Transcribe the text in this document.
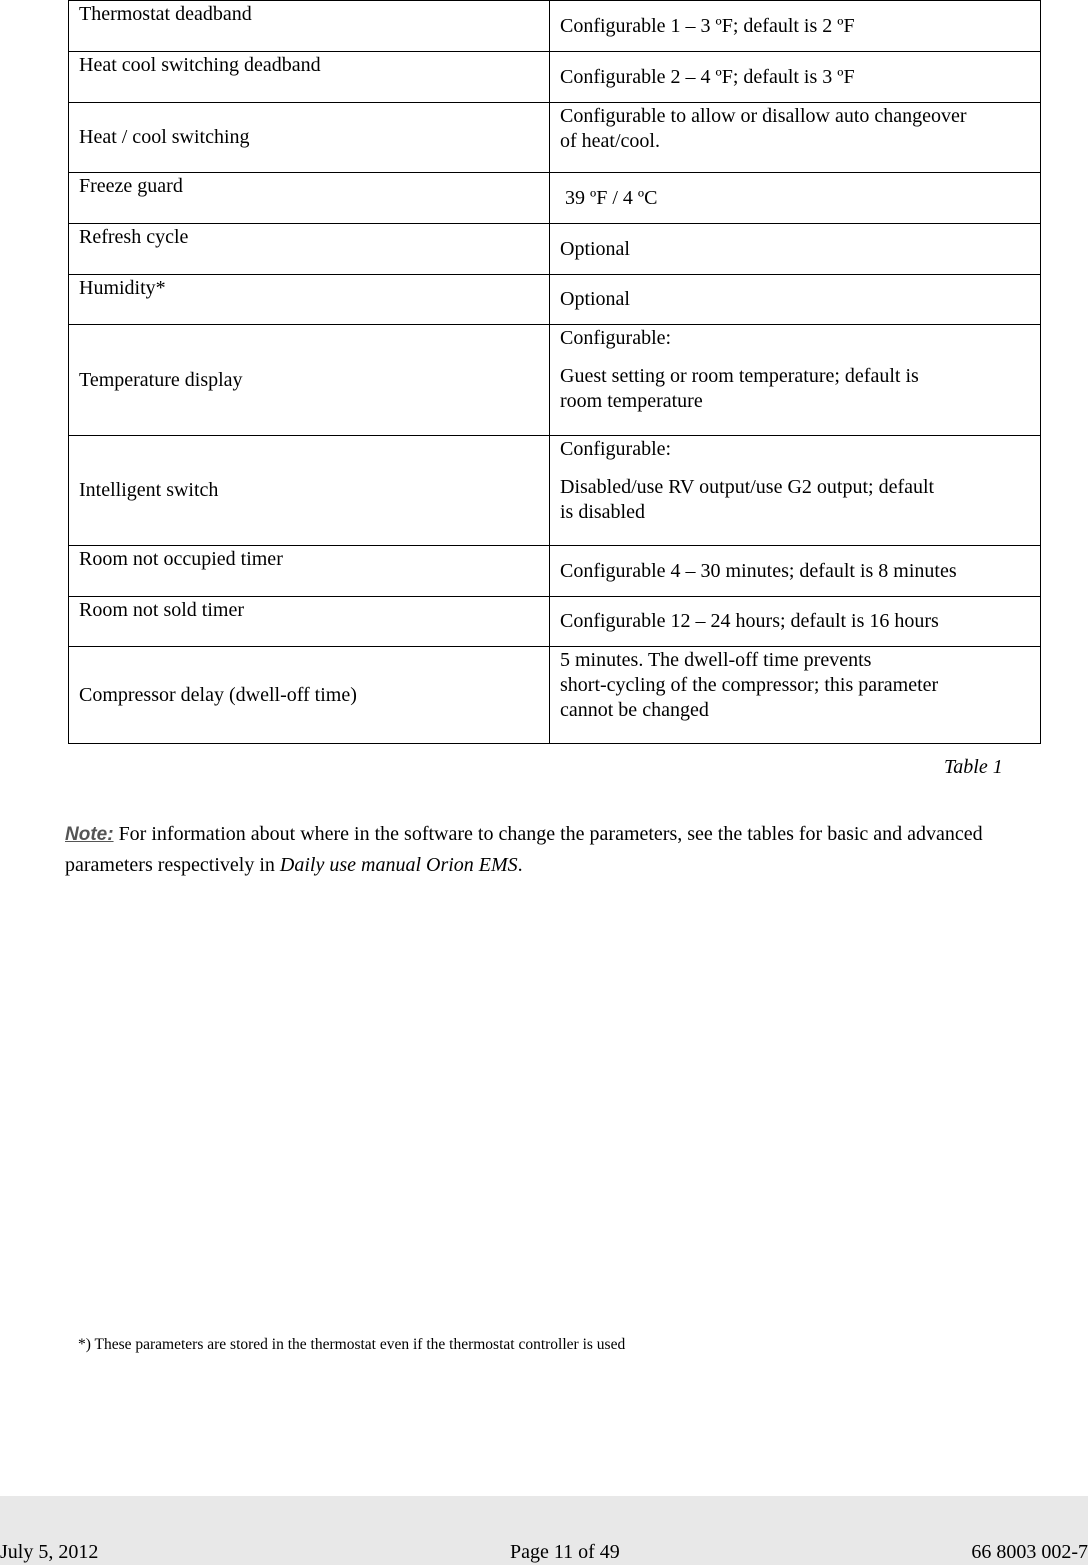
Thermostat deadband	Configurable 1 – 3 ºF; default is 2 ºF

Heat cool switching deadband	Configurable 2 – 4 ºF; default is 3 ºF

Heat / cool switching	Configurable to allow or disallow auto changeover
of heat/cool.

Freeze guard	39 ºF / 4 ºC

Refresh cycle	Optional

Humidity*	Optional

Temperature display	Configurable:
Guest setting or room temperature; default is
room temperature

Intelligent switch	Configurable:
Disabled/use RV output/use G2 output; default
is disabled

Room not occupied timer	Configurable 4 – 30 minutes; default is 8 minutes

Room not sold timer	Configurable 12 – 24 hours; default is 16 hours

Compressor delay (dwell-off time)	5 minutes. The dwell-off time prevents
short-cycling of the compressor; this parameter
cannot be changed
Table 1
Note: For information about where in the software to change the parameters, see the tables for basic and advanced parameters respectively in Daily use manual Orion EMS.
*) These parameters are stored in the thermostat even if the thermostat controller is used
July 5, 2012	Page 11 of 49	66 8003 002-7
